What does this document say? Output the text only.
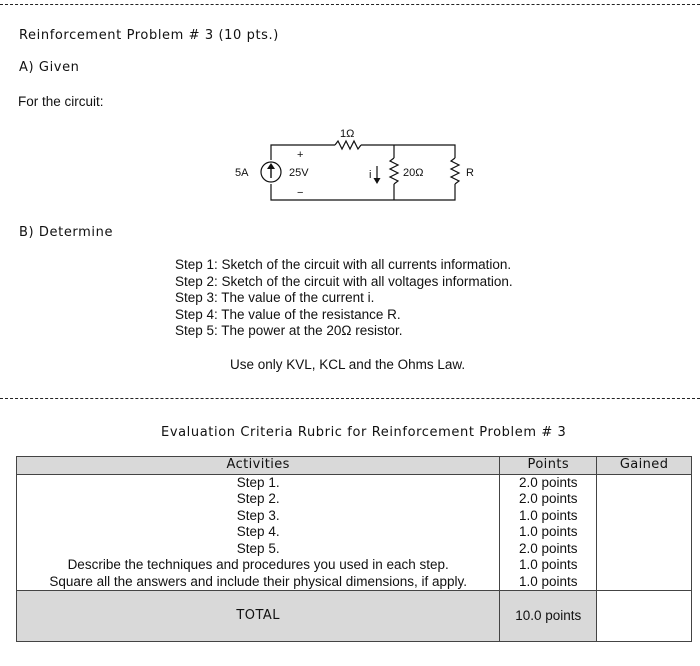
Reinforcement Problem # 3 (10 pts.)
A) Given
For the circuit:
5A
+
25V
−
1Ω
i	20Ω	R
B) Determine
Step 1: Sketch of the circuit with all currents information.
Step 2: Sketch of the circuit with all voltages information.
Step 3: The value of the current i.
Step 4: The value of the resistance R.
Step 5: The power at the 20Ω resistor.
Use only KVL, KCL and the Ohms Law.
Evaluation Criteria Rubric for Reinforcement Problem # 3
Activities	Points	Gained
Step 1.	2.0 points	
Step 2.	2.0 points	
Step 3.	1.0 points	
Step 4.	1.0 points	
Step 5.	2.0 points	
Describe the techniques and procedures you used in each step.	1.0 points	
Square all the answers and include their physical dimensions, if apply.	1.0 points	
TOTAL	10.0 points	
